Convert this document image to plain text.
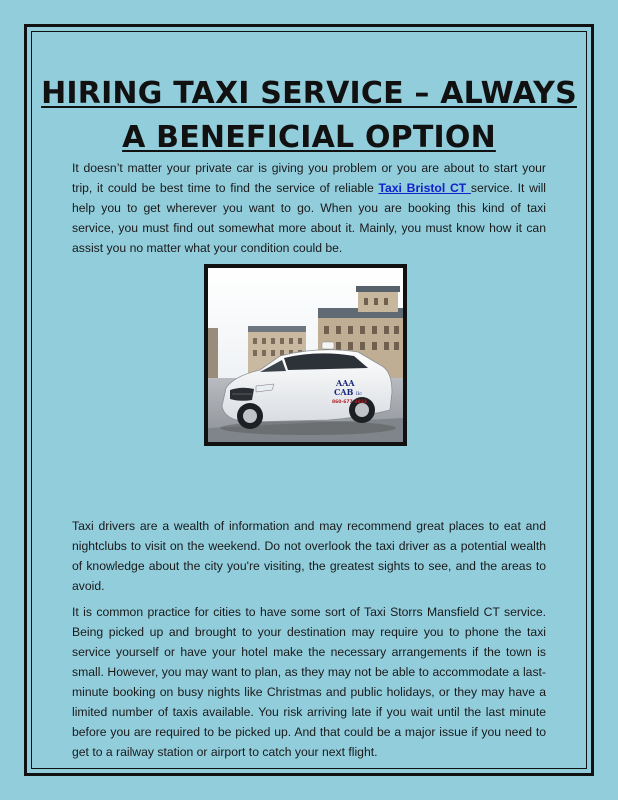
HIRING TAXI SERVICE – ALWAYS A BENEFICIAL OPTION

It doesn’t matter your private car is giving you problem or you are about to start your trip, it could be best time to find the service of reliable Taxi Bristol CT service. It will help you to get wherever you want to go. When you are booking this kind of taxi service, you must find out somewhat more about it. Mainly, you must know how it can assist you no matter what your condition could be.

AAA
CAB llc
860-677-3833

Taxi drivers are a wealth of information and may recommend great places to eat and nightclubs to visit on the weekend. Do not overlook the taxi driver as a potential wealth of knowledge about the city you're visiting, the greatest sights to see, and the areas to avoid.

It is common practice for cities to have some sort of Taxi Storrs Mansfield CT service. Being picked up and brought to your destination may require you to phone the taxi service yourself or have your hotel make the necessary arrangements if the town is small. However, you may want to plan, as they may not be able to accommodate a last-minute booking on busy nights like Christmas and public holidays, or they may have a limited number of taxis available. You risk arriving late if you wait until the last minute before you are required to be picked up. And that could be a major issue if you need to get to a railway station or airport to catch your next flight.
